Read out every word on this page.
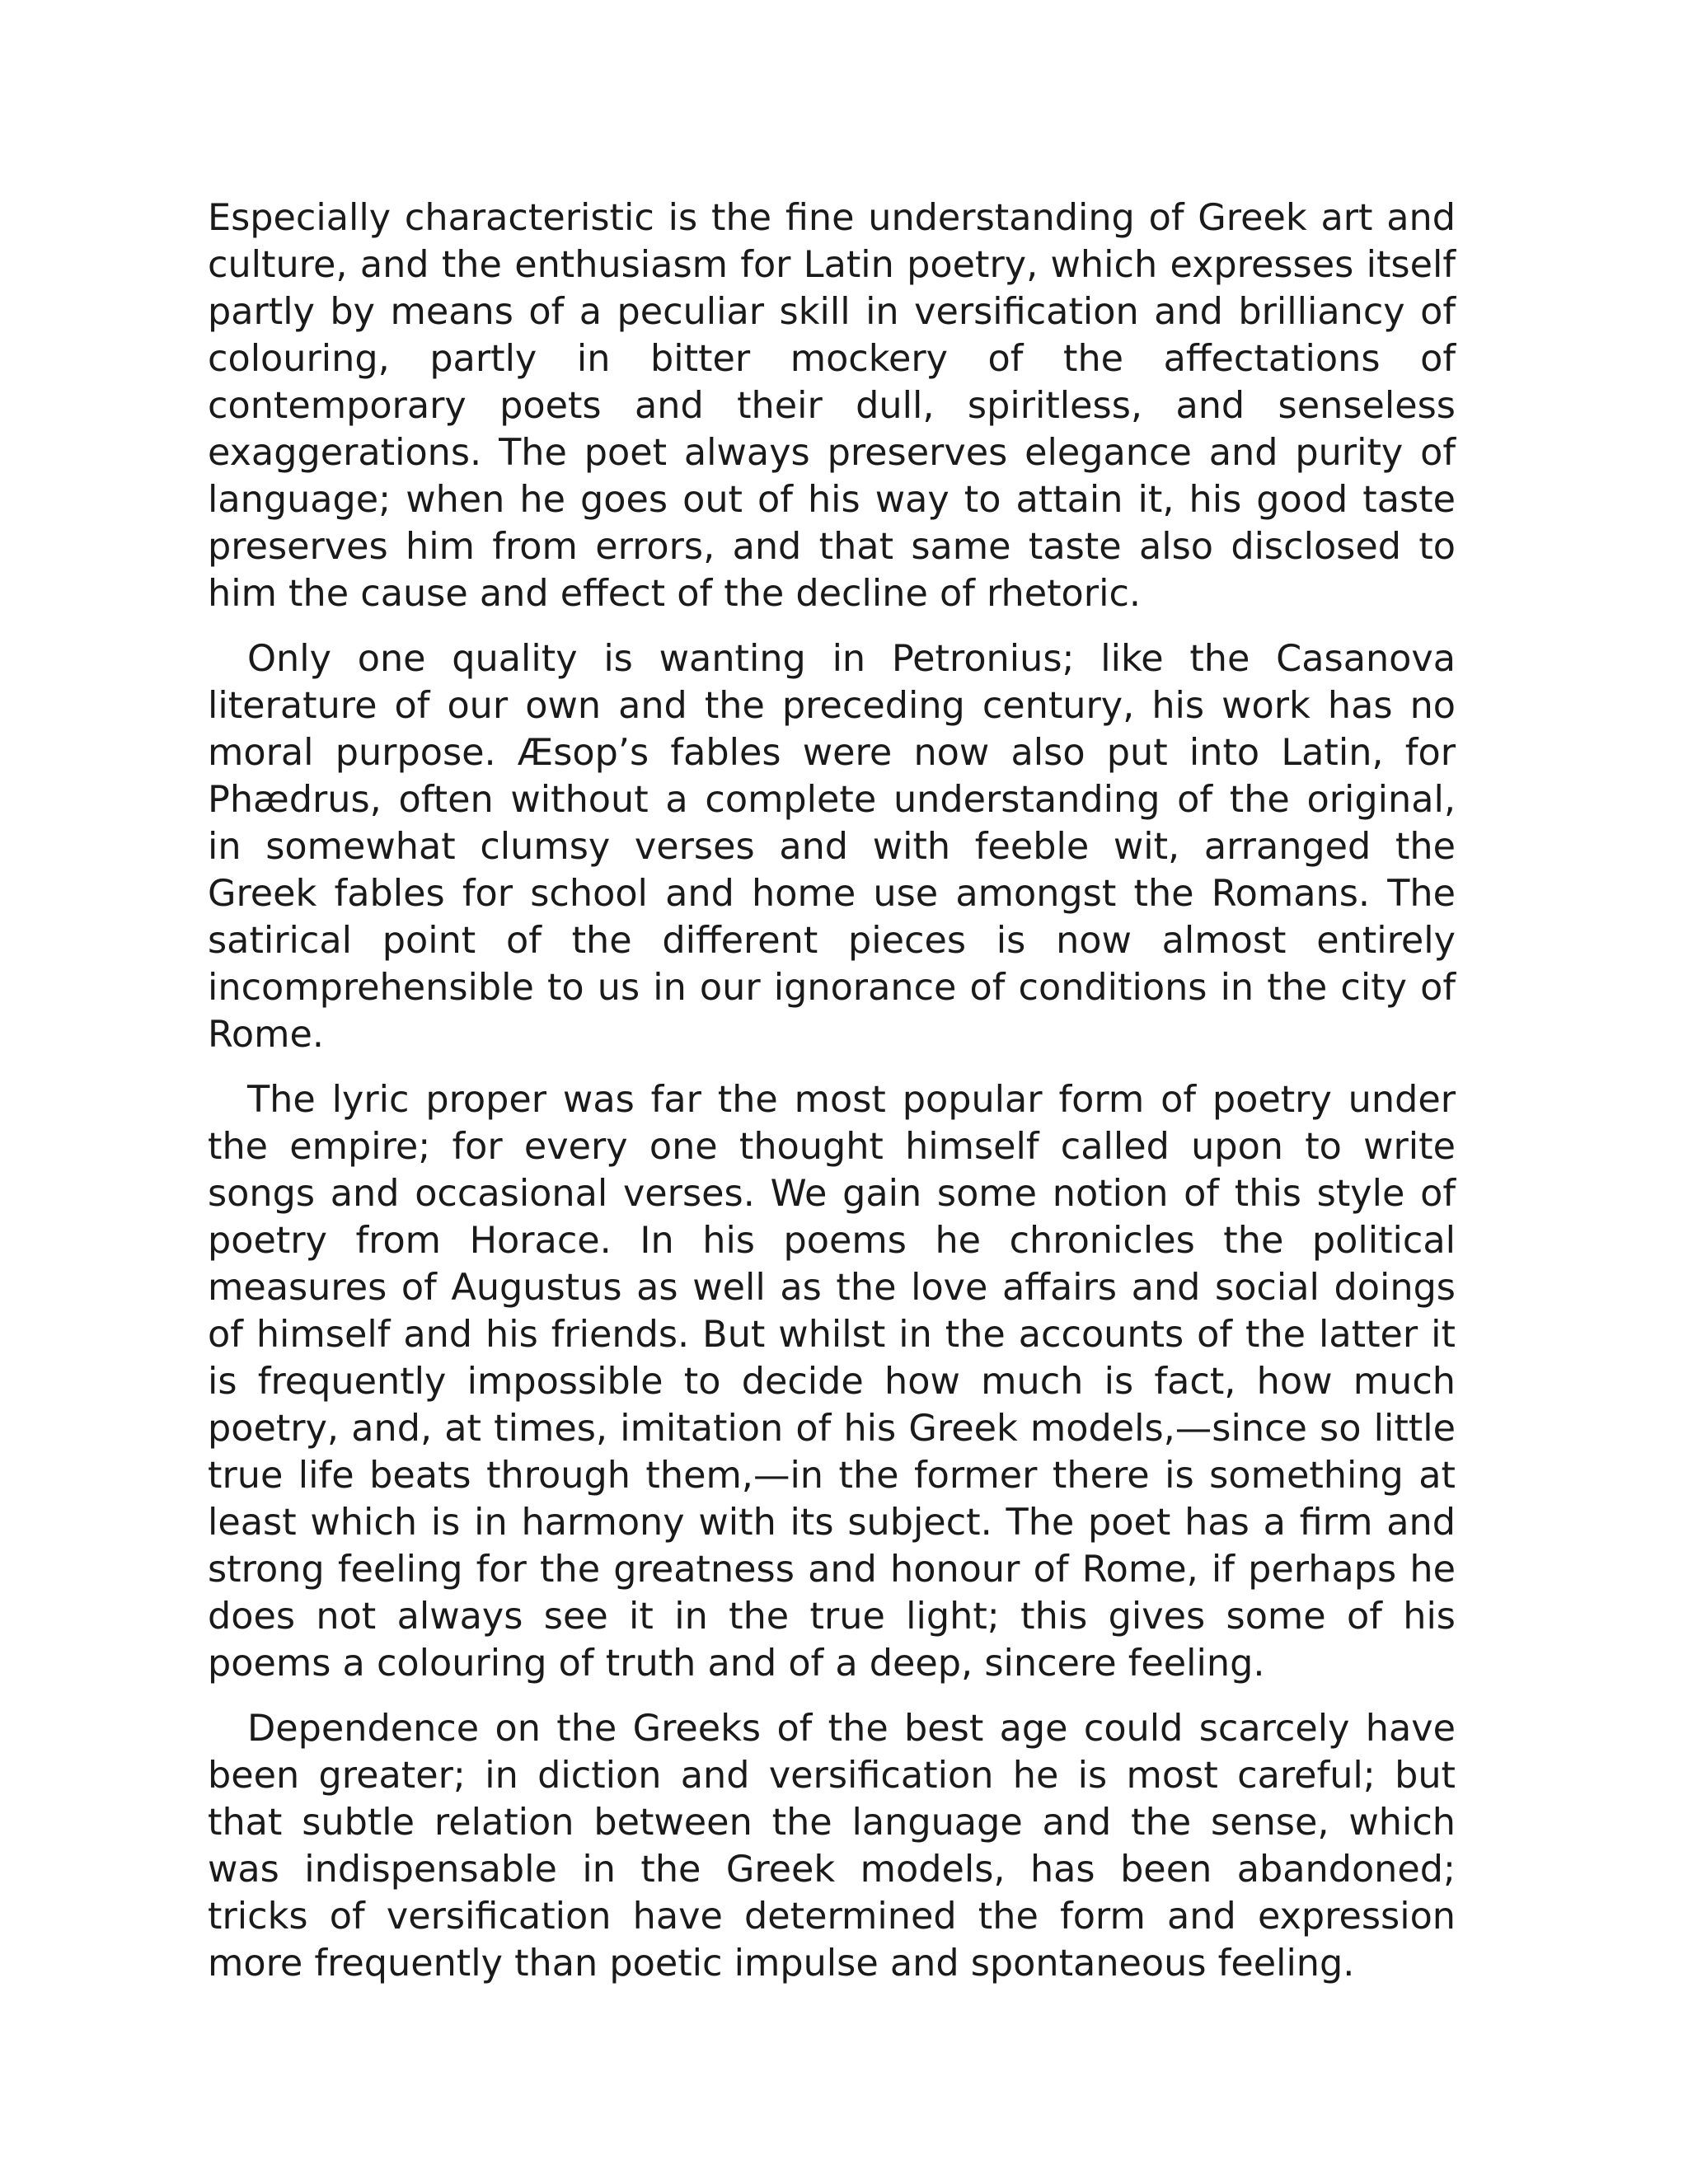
Especially characteristic is the fine understanding of Greek art and culture, and the enthusiasm for Latin poetry, which expresses itself partly by means of a peculiar skill in versification and brilliancy of colouring, partly in bitter mockery of the affectations of contemporary poets and their dull, spiritless, and senseless exaggerations. The poet always preserves elegance and purity of language; when he goes out of his way to attain it, his good taste preserves him from errors, and that same taste also disclosed to him the cause and effect of the decline of rhetoric.

Only one quality is wanting in Petronius; like the Casanova literature of our own and the preceding century, his work has no moral purpose. Æsop’s fables were now also put into Latin, for Phædrus, often without a complete understanding of the original, in somewhat clumsy verses and with feeble wit, arranged the Greek fables for school and home use amongst the Romans. The satirical point of the different pieces is now almost entirely incomprehensible to us in our ignorance of conditions in the city of Rome.

The lyric proper was far the most popular form of poetry under the empire; for every one thought himself called upon to write songs and occasional verses. We gain some notion of this style of poetry from Horace. In his poems he chronicles the political measures of Augustus as well as the love affairs and social doings of himself and his friends. But whilst in the accounts of the latter it is frequently impossible to decide how much is fact, how much poetry, and, at times, imitation of his Greek models,—since so little true life beats through them,—in the former there is something at least which is in harmony with its subject. The poet has a firm and strong feeling for the greatness and honour of Rome, if perhaps he does not always see it in the true light; this gives some of his poems a colouring of truth and of a deep, sincere feeling.

Dependence on the Greeks of the best age could scarcely have been greater; in diction and versification he is most careful; but that subtle relation between the language and the sense, which was indispensable in the Greek models, has been abandoned; tricks of versification have determined the form and expression more frequently than poetic impulse and spontaneous feeling.
